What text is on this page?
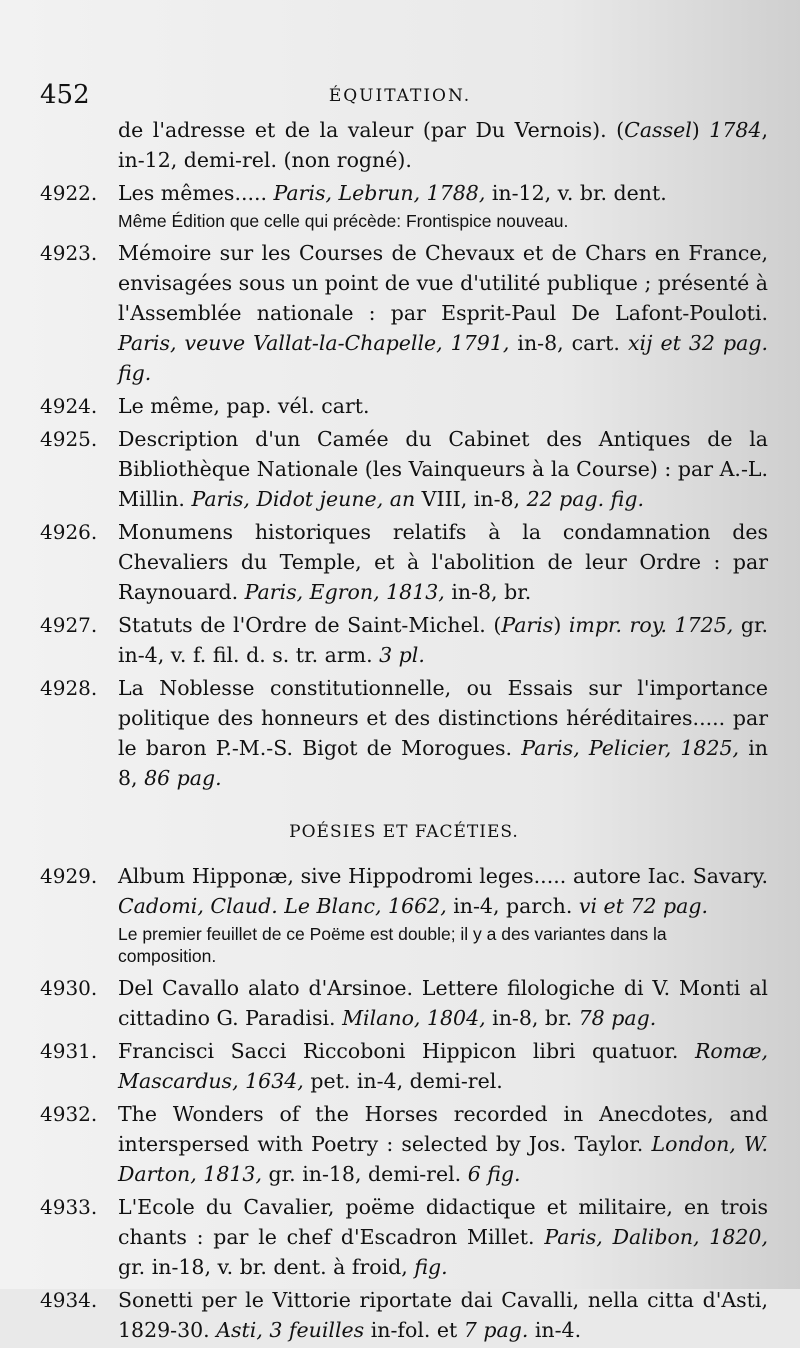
452	ÉQUITATION.
de l'adresse et de la valeur (par Du Vernois). (Cassel) 1784, in-12, demi-rel. (non rogné).
4922. Les mêmes..... Paris, Lebrun, 1788, in-12, v. br. dent.
Même Édition que celle qui précède: Frontispice nouveau.
4923. Mémoire sur les Courses de Chevaux et de Chars en France, envisagées sous un point de vue d'utilité publique ; présenté à l'Assemblée nationale : par Esprit-Paul De Lafont-Pouloti. Paris, veuve Vallat-la-Chapelle, 1791, in-8, cart. xij et 32 pag. fig.
4924. Le même, pap. vél. cart.
4925. Description d'un Camée du Cabinet des Antiques de la Bibliothèque Nationale (les Vainqueurs à la Course) : par A.-L. Millin. Paris, Didot jeune, an VIII, in-8, 22 pag. fig.
4926. Monumens historiques relatifs à la condamnation des Chevaliers du Temple, et à l'abolition de leur Ordre : par Raynouard. Paris, Egron, 1813, in-8, br.
4927. Statuts de l'Ordre de Saint-Michel. (Paris) impr. roy. 1725, gr. in-4, v. f. fil. d. s. tr. arm. 3 pl.
4928. La Noblesse constitutionnelle, ou Essais sur l'importance politique des honneurs et des distinctions héréditaires..... par le baron P.-M.-S. Bigot de Morogues. Paris, Pelicier, 1825, in 8, 86 pag.
POÉSIES ET FACÉTIES.
4929. Album Hipponæ, sive Hippodromi leges..... autore Iac. Savary. Cadomi, Claud. Le Blanc, 1662, in-4, parch. vi et 72 pag.
Le premier feuillet de ce Poëme est double; il y a des variantes dans la composition.
4930. Del Cavallo alato d'Arsinoe. Lettere filologiche di V. Monti al cittadino G. Paradisi. Milano, 1804, in-8, br. 78 pag.
4931. Francisci Sacci Riccoboni Hippicon libri quatuor. Romæ, Mascardus, 1634, pet. in-4, demi-rel.
4932. The Wonders of the Horses recorded in Anecdotes, and interspersed with Poetry : selected by Jos. Taylor. London, W. Darton, 1813, gr. in-18, demi-rel. 6 fig.
4933. L'Ecole du Cavalier, poëme didactique et militaire, en trois chants : par le chef d'Escadron Millet. Paris, Dalibon, 1820, gr. in-18, v. br. dent. à froid, fig.
4934. Sonetti per le Vittorie riportate dai Cavalli, nella citta d'Asti, 1829-30. Asti, 3 feuilles in-fol. et 7 pag. in-4.
